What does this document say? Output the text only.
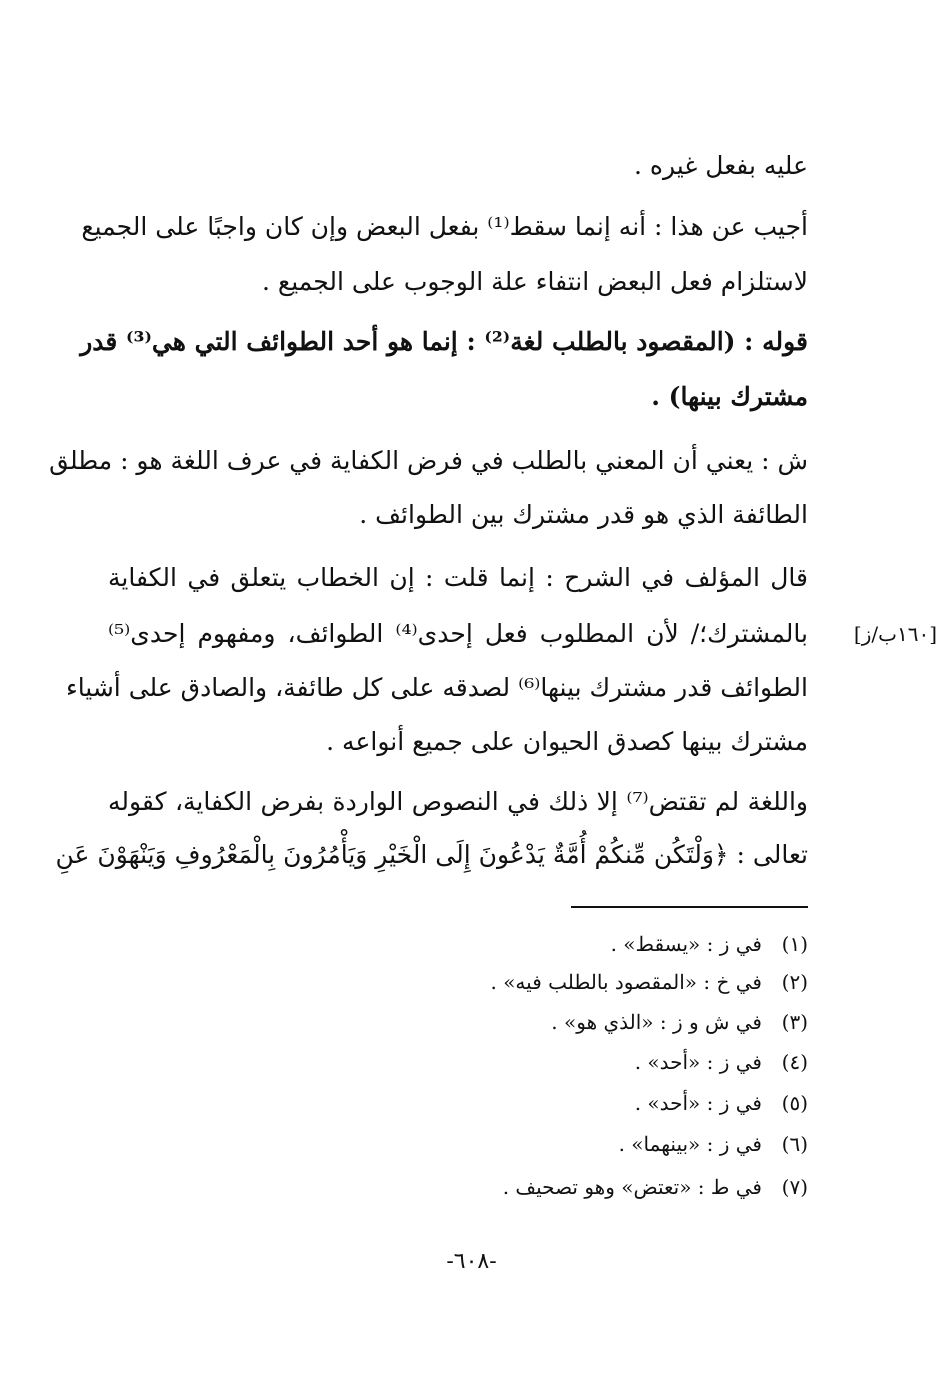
عليه بفعل غيره .
أجيب عن هذا : أنه إنما سقط⁽¹⁾ بفعل البعض وإن كان واجبًا على الجميع
لاستلزام فعل البعض انتفاء علة الوجوب على الجميع .
قوله : (المقصود بالطلب لغة⁽²⁾ : إنما هو أحد الطوائف التي هي⁽³⁾ قدر
مشترك بينها) .
ش : يعني أن المعني بالطلب في فرض الكفاية في عرف اللغة هو : مطلق
الطائفة الذي هو قدر مشترك بين الطوائف .
قال المؤلف في الشرح : إنما قلت : إن الخطاب يتعلق في الكفاية
بالمشترك؛/ لأن المطلوب فعل إحدى⁽⁴⁾ الطوائف، ومفهوم إحدى⁽⁵⁾
الطوائف قدر مشترك بينها⁽⁶⁾ لصدقه على كل طائفة، والصادق على أشياء
مشترك بينها كصدق الحيوان على جميع أنواعه .
واللغة لم تقتض⁽⁷⁾ إلا ذلك في النصوص الواردة بفرض الكفاية، كقوله
تعالى : ﴿وَلْتَكُن مِّنكُمْ أُمَّةٌ يَدْعُونَ إِلَى الْخَيْرِ وَيَأْمُرُونَ بِالْمَعْرُوفِ وَيَنْهَوْنَ عَنِ
[١٦٠ب/ز]
(١)في ز : «يسقط» .
(٢)في خ : «المقصود بالطلب فيه» .
(٣)في ش و ز : «الذي هو» .
(٤)في ز : «أحد» .
(٥)في ز : «أحد» .
(٦)في ز : «بينهما» .
(٧)في ط : «تعتض» وهو تصحيف .
-٦٠٨-
